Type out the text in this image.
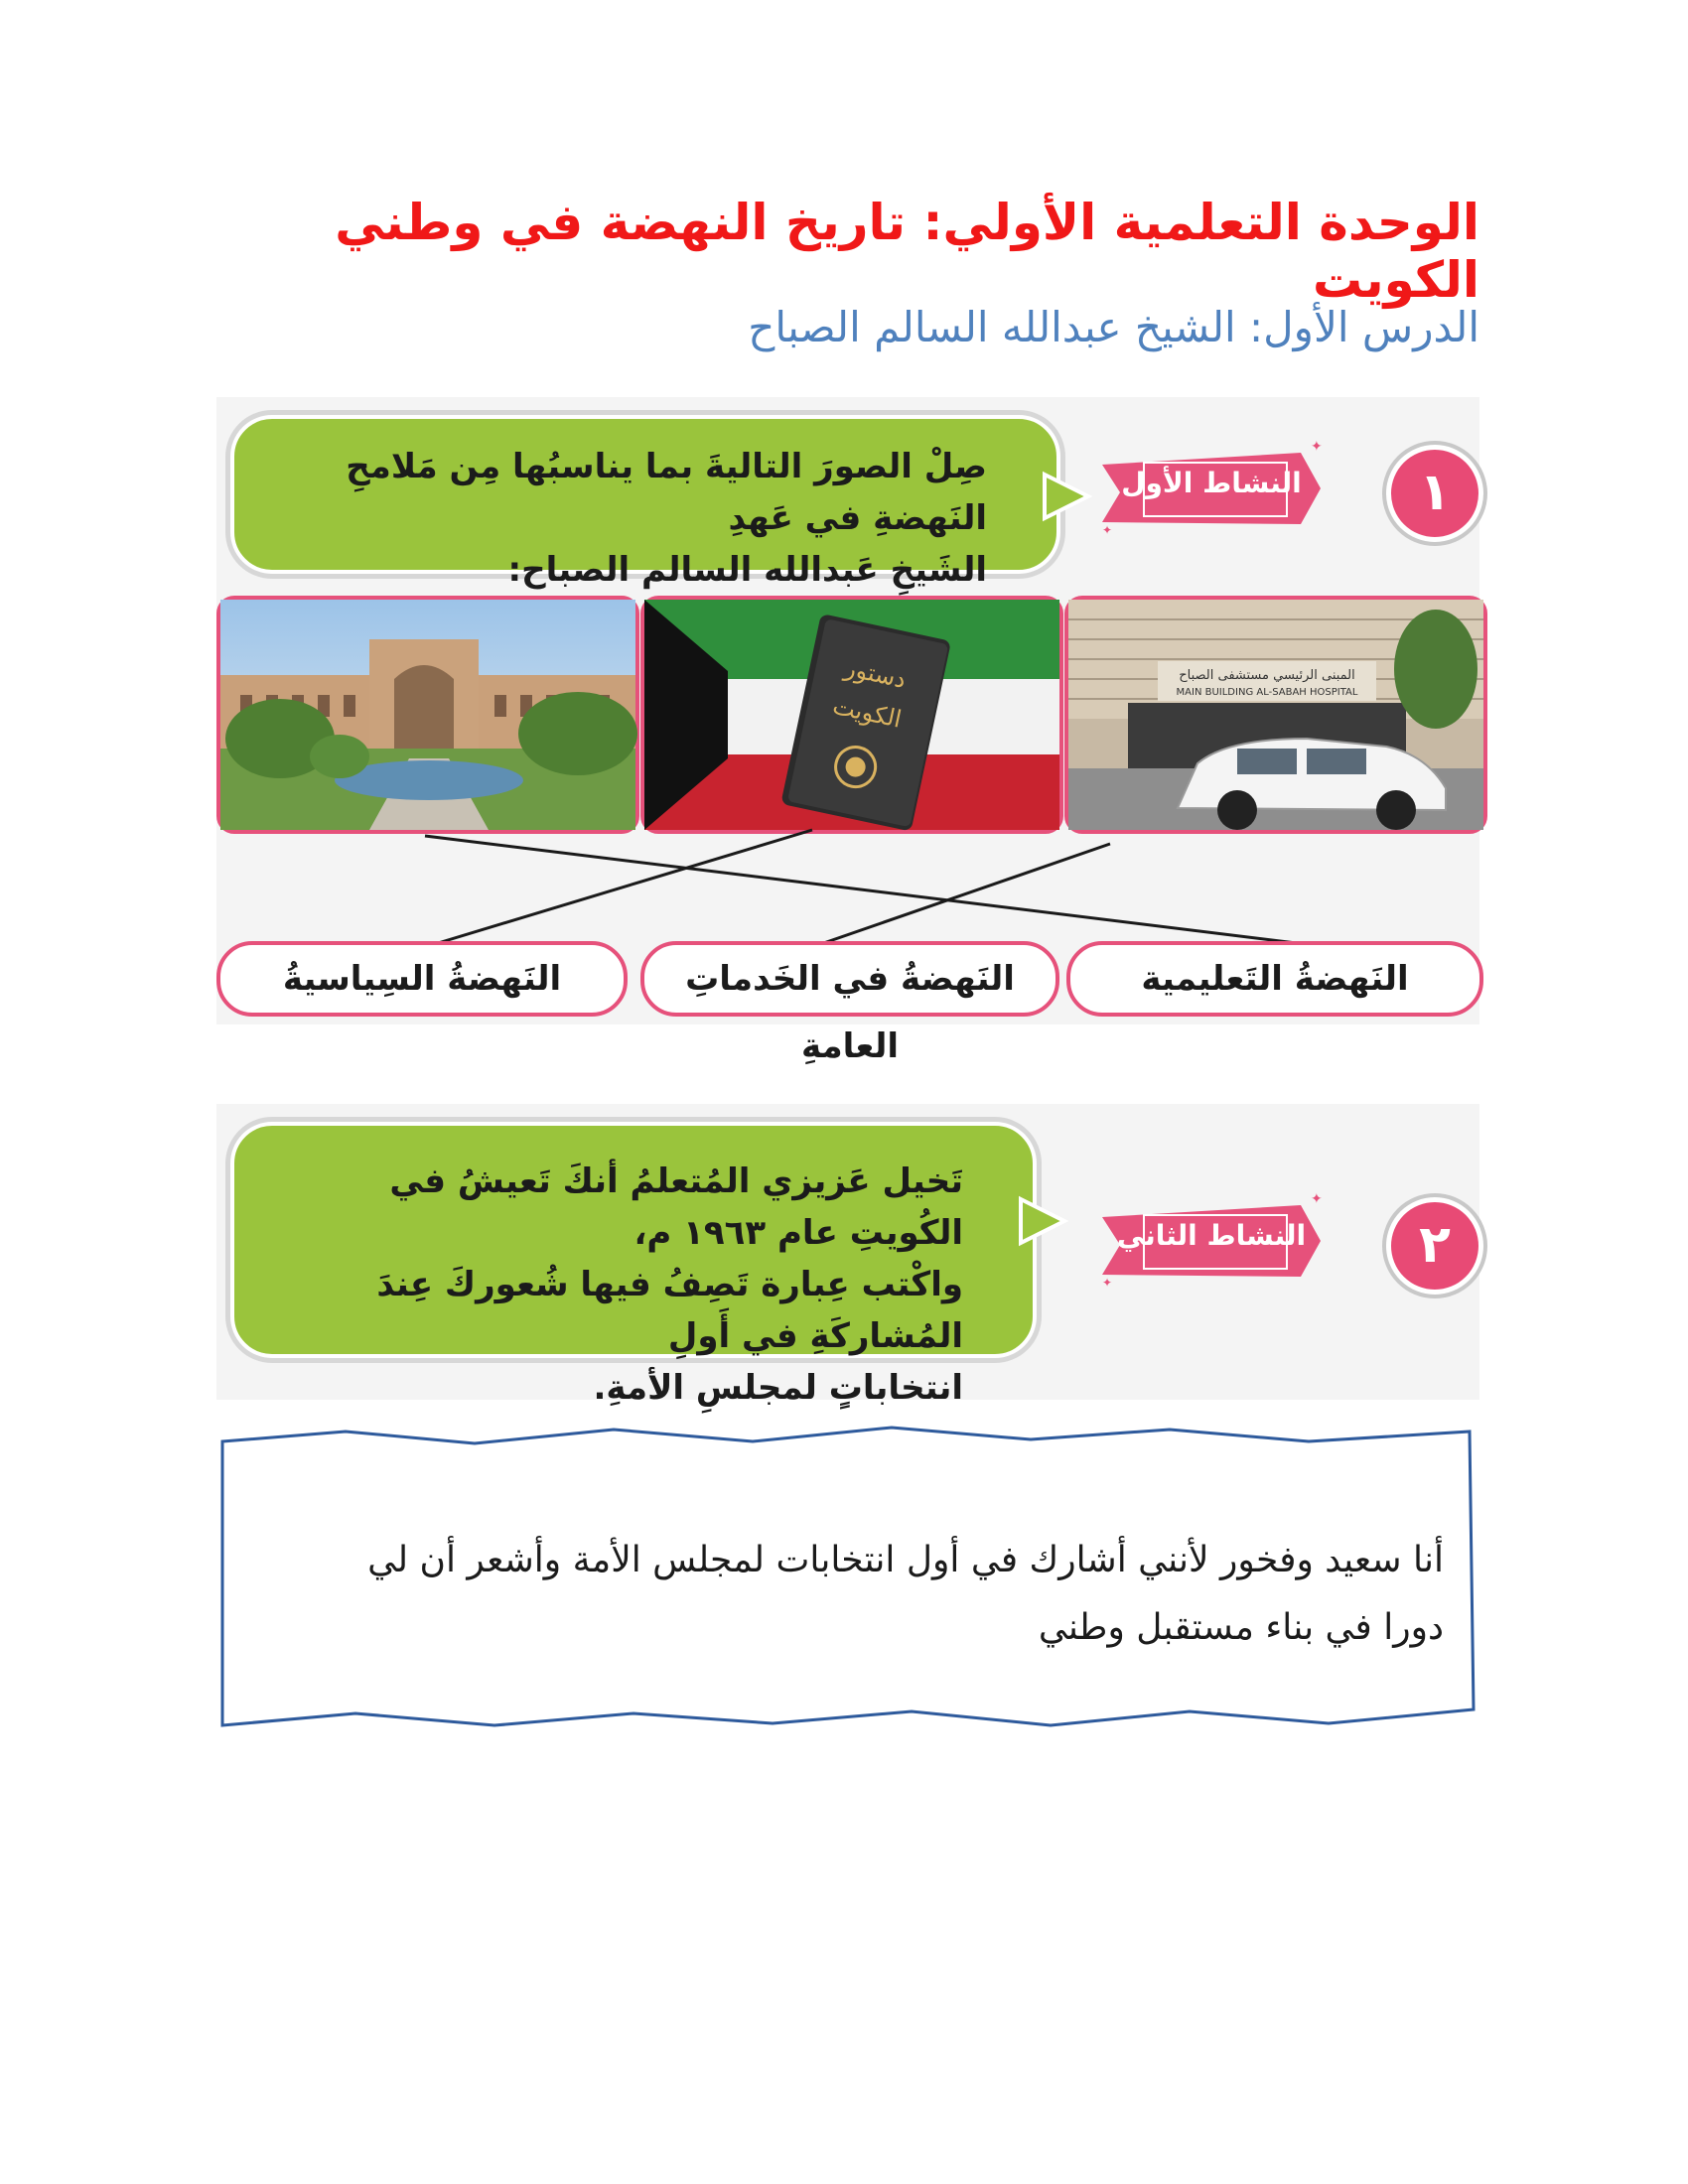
الوحدة التعلمية الأولي: تاريخ النهضة في وطني الكويت
الدرس الأول: الشيخ عبدالله السالم الصباح
صِلْ الصورَ التاليةَ بما يناسبُها مِن مَلامحِ النَهضةِ في عَهدِ
الشَيخِ عَبدالله السالم الصباح:
✦
✦
النشاط الأول	١
دستور
الكويت
المبنى الرئيسي مستشفى الصباح
MAIN BUILDING AL-SABAH HOSPITAL
النَهضةُ السِياسيةُ	النَهضةُ في الخَدماتِ العامةِ
النَهضةُ التَعليمية
تَخيل عَزيزي المُتعلمُ أنكَ تَعيشُ في الكُويتِ عام ١٩٦٣ م،
واكْتب عِبارة تَصِفُ فيها شُعوركَ عِندَ المُشاركَةِ في أَولِ
انتخاباتٍ لمجلسِ الأمةِ.
✦
✦
النشاط الثاني	٢
أنا سعيد وفخور لأنني أشارك في أول انتخابات لمجلس الأمة وأشعر أن لي
دورا في بناء مستقبل وطني
